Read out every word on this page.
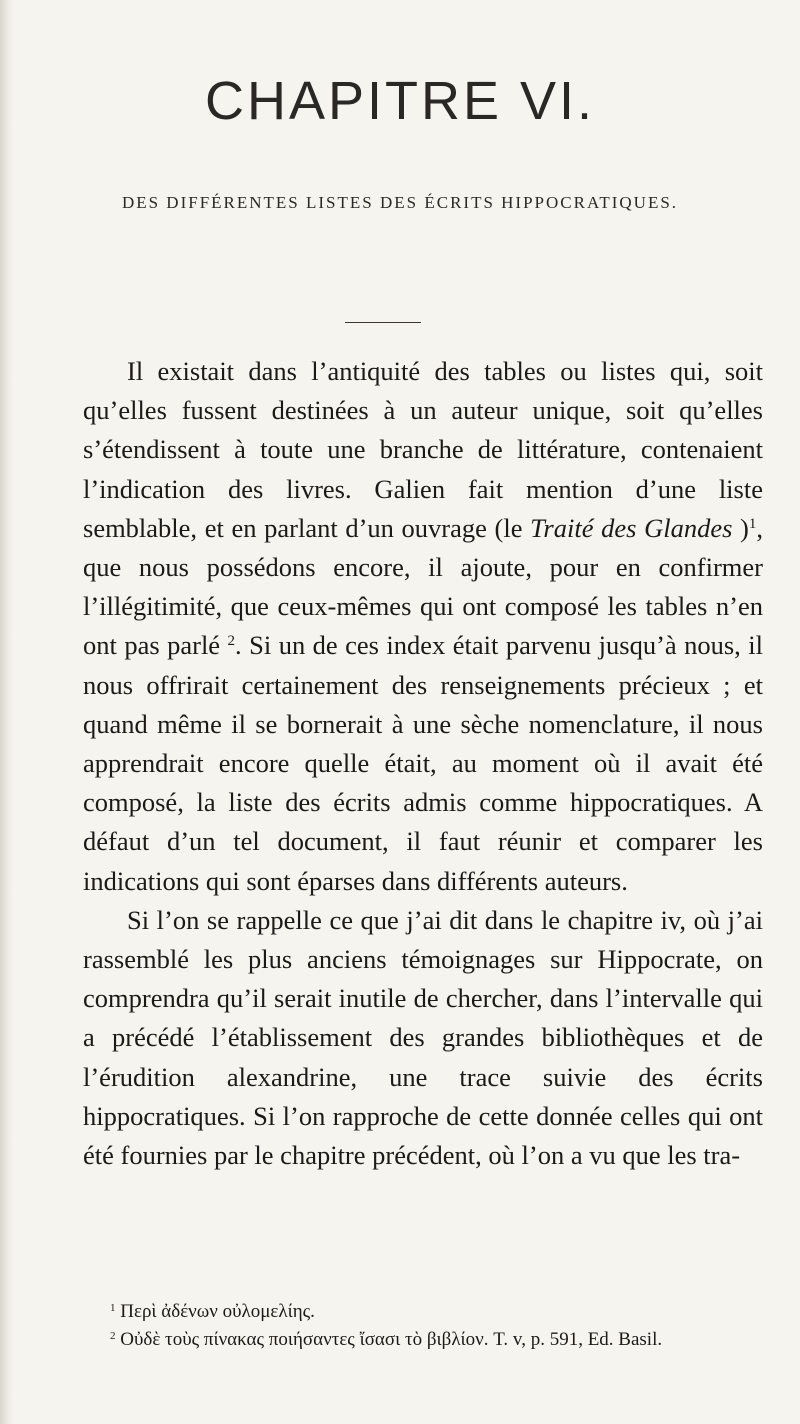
CHAPITRE VI.
DES DIFFÉRENTES LISTES DES ÉCRITS HIPPOCRATIQUES.

Il existait dans l’antiquité des tables ou listes qui, soit qu’elles fussent destinées à un auteur unique, soit qu’elles s’étendissent à toute une branche de littérature, contenaient l’indication des livres. Galien fait mention d’une liste semblable, et en parlant d’un ouvrage (le Traité des Glandes )$^1$, que nous possédons encore, il ajoute, pour en confirmer l’illégitimité, que ceux-mêmes qui ont composé les tables n’en ont pas parlé $^2$. Si un de ces index était parvenu jusqu’à nous, il nous offrirait certainement des renseignements précieux ; et quand même il se bornerait à une sèche nomenclature, il nous apprendrait encore quelle était, au moment où il avait été composé, la liste des écrits admis comme hippocratiques. A défaut d’un tel document, il faut réunir et comparer les indications qui sont éparses dans différents auteurs.

Si l’on se rappelle ce que j’ai dit dans le chapitre iv, où j’ai rassemblé les plus anciens témoignages sur Hippocrate, on comprendra qu’il serait inutile de chercher, dans l’intervalle qui a précédé l’établissement des grandes bibliothèques et de l’érudition alexandrine, une trace suivie des écrits hippocratiques. Si l’on rapproche de cette donnée celles qui ont été fournies par le chapitre précédent, où l’on a vu que les tra-

$^1$ Περὶ ἀδένων οὐλομελίης.

$^2$ Οὐδὲ τοὺς πίνακας ποιήσαντες ἴσασι τὸ βιβλίον. T. v, p. 591, Ed. Basil.
